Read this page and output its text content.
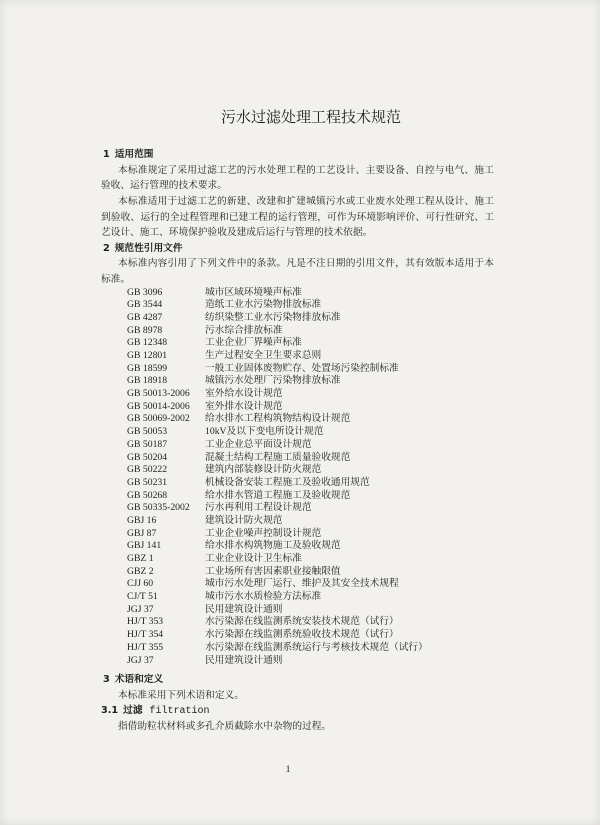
污水过滤处理工程技术规范
1 适用范围
本标准规定了采用过滤工艺的污水处理工程的工艺设计、主要设备、自控与电气、施工
验收、运行管理的技术要求。
本标准适用于过滤工艺的新建、改建和扩建城镇污水或工业废水处理工程从设计、施工
到验收、运行的全过程管理和已建工程的运行管理，可作为环境影响评价、可行性研究、工
艺设计、施工、环境保护验收及建成后运行与管理的技术依据。
2 规范性引用文件
本标准内容引用了下列文件中的条款。凡是不注日期的引用文件，其有效版本适用于本
标准。
GB 3096	城市区域环境噪声标准
GB 3544	造纸工业水污染物排放标准
GB 4287	纺织染整工业水污染物排放标准
GB 8978	污水综合排放标准
GB 12348	工业企业厂界噪声标准
GB 12801	生产过程安全卫生要求总则
GB 18599	一般工业固体废物贮存、处置场污染控制标准
GB 18918	城镇污水处理厂污染物排放标准
GB 50013-2006 室外给水设计规范
GB 50014-2006 室外排水设计规范
GB 50069-2002 给水排水工程构筑物结构设计规范
GB 50053	10kV及以下变电所设计规范
GB 50187	工业企业总平面设计规范
GB 50204	混凝土结构工程施工质量验收规范
GB 50222	建筑内部装修设计防火规范
GB 50231	机械设备安装工程施工及验收通用规范
GB 50268	给水排水管道工程施工及验收规范
GB 50335-2002 污水再利用工程设计规范
GBJ 16	建筑设计防火规范
GBJ 87	工业企业噪声控制设计规范
GBJ 141	给水排水构筑物施工及验收规范
GBZ 1	工业企业设计卫生标准
GBZ 2	工业场所有害因素职业接触限值
CJJ 60	城市污水处理厂运行、维护及其安全技术规程
CJ/T 51	城市污水水质检验方法标准
JGJ 37	民用建筑设计通则
HJ/T 353	水污染源在线监测系统安装技术规范（试行）
HJ/T 354	水污染源在线监测系统验收技术规范（试行）
HJ/T 355	水污染源在线监测系统运行与考核技术规范（试行）
JGJ 37	民用建筑设计通则
3 术语和定义
本标准采用下列术语和定义。
3.1 过滤 filtration
指借助粒状材料或多孔介质截除水中杂物的过程。
1
